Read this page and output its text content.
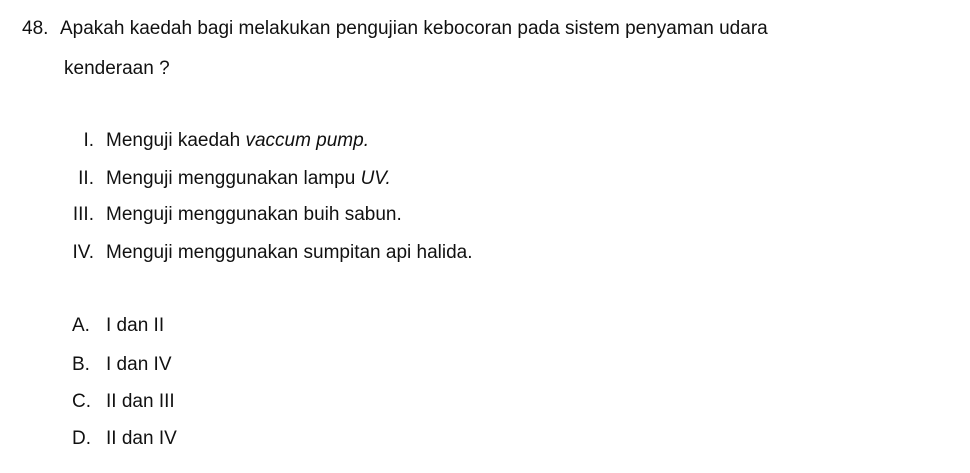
48. Apakah kaedah bagi melakukan pengujian kebocoran pada sistem penyaman udara
kenderaan ?
I. Menguji kaedah vaccum pump.
II. Menguji menggunakan lampu UV.
III. Menguji menggunakan buih sabun.
IV. Menguji menggunakan sumpitan api halida.
A. I dan II
B. I dan IV
C. II dan III
D. II dan IV
